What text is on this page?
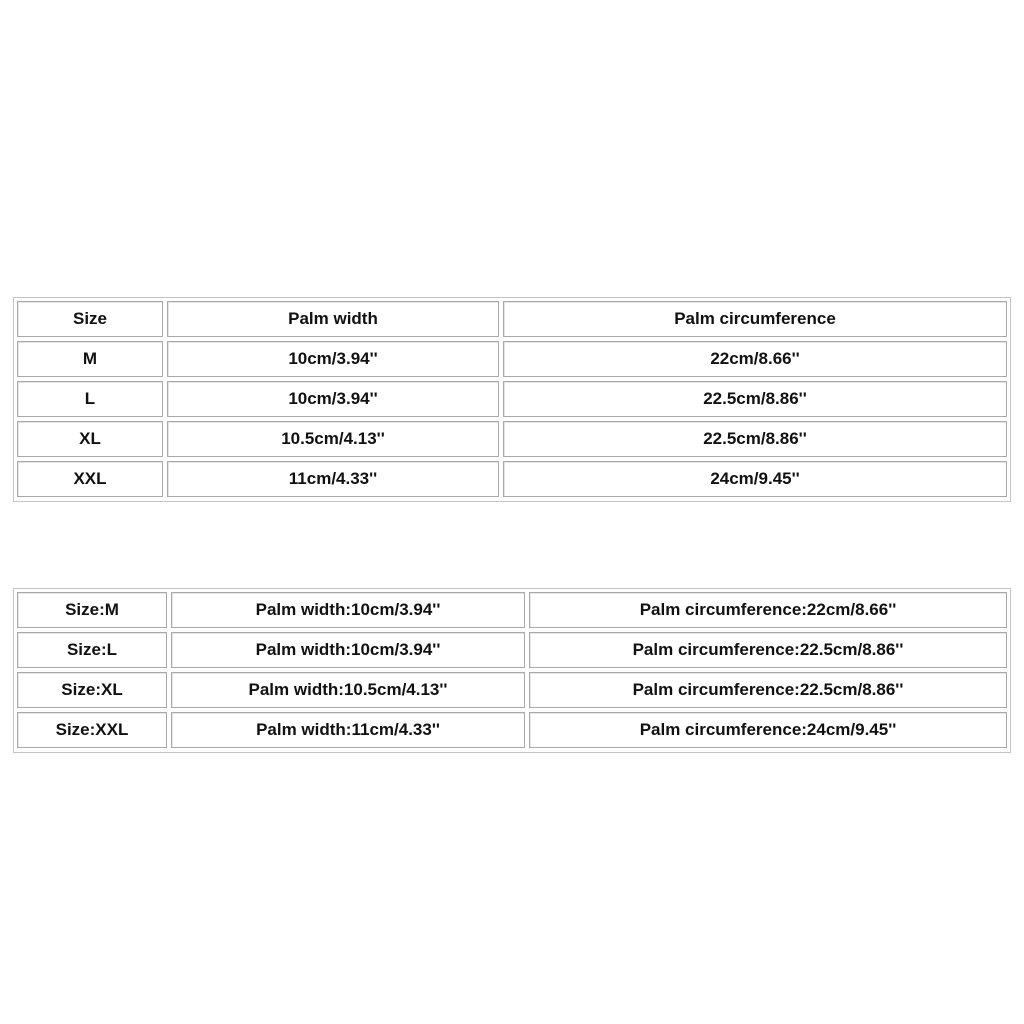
Size	Palm width	Palm circumference
M	10cm/3.94''	22cm/8.66''
L	10cm/3.94''	22.5cm/8.86''
XL	10.5cm/4.13''	22.5cm/8.86''
XXL	11cm/4.33''	24cm/9.45''
Size:M	Palm width:10cm/3.94''	Palm circumference:22cm/8.66''
Size:L	Palm width:10cm/3.94''	Palm circumference:22.5cm/8.86''
Size:XL	Palm width:10.5cm/4.13''	Palm circumference:22.5cm/8.86''
Size:XXL	Palm width:11cm/4.33''	Palm circumference:24cm/9.45''
